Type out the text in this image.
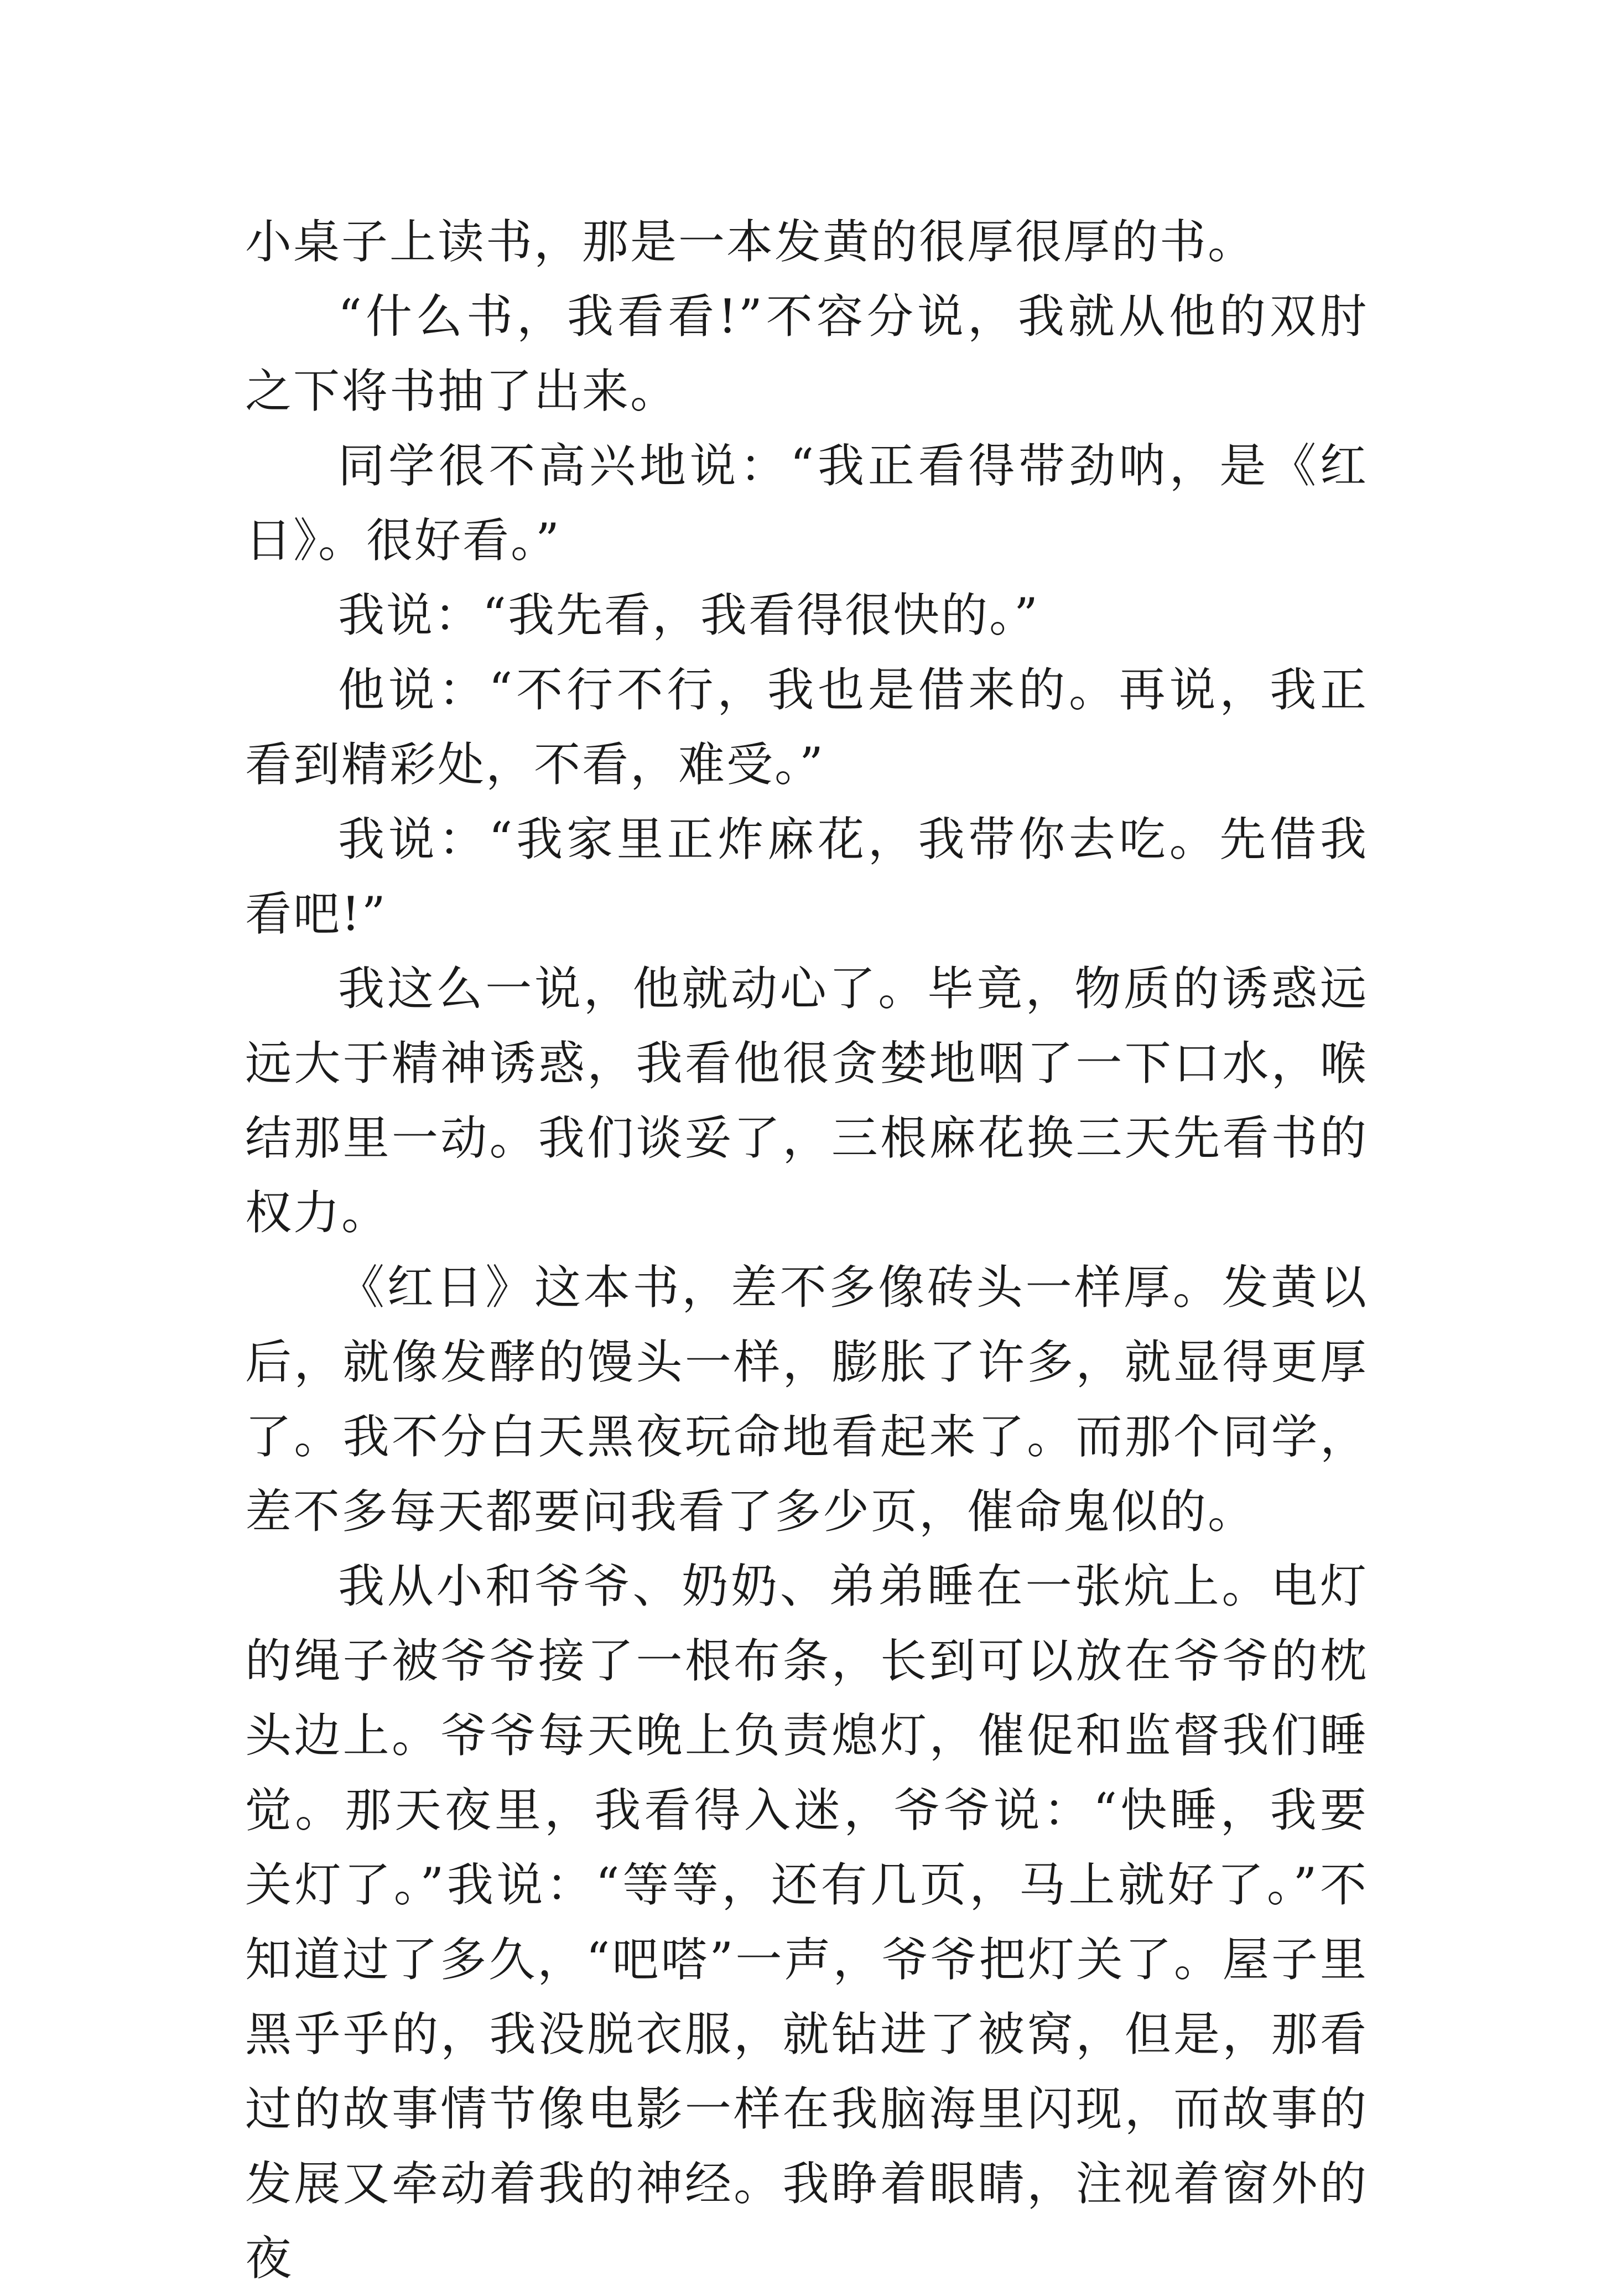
小桌子上读书，那是一本发黄的很厚很厚的书。

“什么书，我看看!”不容分说，我就从他的双肘之下将书抽了出来。

同学很不高兴地说：“我正看得带劲呐，是《红日》。很好看。”

我说：“我先看，我看得很快的。”

他说：“不行不行，我也是借来的。再说，我正看到精彩处，不看，难受。”

我说：“我家里正炸麻花，我带你去吃。先借我看吧!”

我这么一说，他就动心了。毕竟，物质的诱惑远远大于精神诱惑，我看他很贪婪地咽了一下口水，喉结那里一动。我们谈妥了，三根麻花换三天先看书的权力。

《红日》这本书，差不多像砖头一样厚。发黄以后，就像发酵的馒头一样，膨胀了许多，就显得更厚了。我不分白天黑夜玩命地看起来了。而那个同学，差不多每天都要问我看了多少页，催命鬼似的。

我从小和爷爷、奶奶、弟弟睡在一张炕上。电灯的绳子被爷爷接了一根布条，长到可以放在爷爷的枕头边上。爷爷每天晚上负责熄灯，催促和监督我们睡觉。那天夜里，我看得入迷，爷爷说：“快睡，我要关灯了。”我说：“等等，还有几页，马上就好了。”不知道过了多久，“吧嗒”一声，爷爷把灯关了。屋子里黑乎乎的，我没脱衣服，就钻进了被窝，但是，那看过的故事情节像电影一样在我脑海里闪现，而故事的发展又牵动着我的神经。我睁着眼睛，注视着窗外的夜
